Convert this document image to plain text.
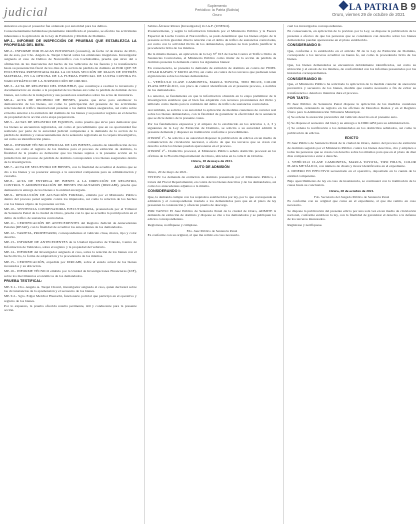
judicial	Suplemento
Periódico: la Patria (Bolivia)
Oruro
LA PATRIA
Oruro, viernes 29 de octubre de 2021
B 9

siniestros en que el poseedor fue ordenado por autoridad para los delitos.

Consecuentemente habiéndose plenamente identificado el presente, se efectúo las actividades inherentes a la aplicación de la Ley de Extinción y Pérdida de Dominio.

MP-1.- INFORME DE INSPECCIÓN DE PRUEBAS QUE ESTABLEZCA LA PROPIEDAD DEL BIEN.

MP-2.- INFORME POR PLACAS POTOSINAS (consulta), de fecha 12 de marzo de 2021, sin de esto, por Cbo. Angelo A. Tarqui Chavel sobre las emisiones irregulares. Investigador asignado al caso de Delitos de Narcotráfico con Cochabamba, prueba que sirve del a afirmación de las mercancías del hecho de los vehículos de las fuerzas y la transferencia hasta su presentación fiscal de los días de la acción de pérdida de dominio en POR QUE SE ENCUENTRA PRESENTADA PARA LA OCTAVA SECCIÓN DE PAGOS DE INTERÉS MATERIAL, EN LA OFICINA DE LA FUERZA ESPECIAL DE LUCHA CONTRA EL NARCOTRÁFICO DE LA JURISDICCIÓN DE ORURO.

MP-3.- ACTA DE REGISTRO DEL INMUEBLE, que constituye a realizar lo inventario y documentación: en cuanto a la propiedad de los bienes así como la pérdida de dominio de los bienes, así como de la indagación y sus posteriores resultados sobre las actas de inventario.

MP-4.- ACTA DE RECIBIDO DE BIENES, prueba que sirve para establecer la demostración de los bienes, así como la participación del presente de las actividades relacionadas al tráfico internacional presente a los demás bienes asegurados, así como sobre el hecho anterior a la extinción del dominio de los bienes y su posterior registro en el derecho de propiedad de la acción en la etapa preparatoria.

MP-5.- ACTAS DE REGISTRO DE EQUIPOS, como prueba que sirve para demostrar que los bienes se encuentran registrados, así como el procedimiento que en su oportunidad fue realizado por parte de la autoridad judicial competente a la demanda de la acción de la pérdida de dominio y consecuentemente de la sentencia registrada en la carpeta investigativa, así como su identificación plena.

MP-6.- INFORME TÉCNICO PERICIAL DE LOS BIENES, estudio de identificación de los bienes, así como el registro de los mismos para el proceso de extinción de dominio, la finalidad de la prueba es demostrar que los bienes sujetos a la presente acción en la jurisdicción del proceso de pérdida de dominio corresponden a los bienes asegurados dentro de la investigación.

MP-7.- ACTA DE SECUESTRO DE BIENES, con la finalidad de acreditar el destino que se dio a los bienes y su posterior entrega a la autoridad competente para su administración y custodia.

MP-8.- ACTA DE ENTREGA DE BIENES A LA DIRECCIÓN DE REGISTRO, CONTROL Y ADMINISTRACIÓN DE BIENES INCAUTADOS (DIRCABI), prueba que demuestra la entrega de los bienes a la entidad encargada.

MP-9.- RESOLUCIÓN DE ACUSACIÓN FORMAL, emitida por el Ministerio Público dentro del proceso penal seguido contra los imputados, así como la relación de los hechos con los bienes objeto de la presente acción.

MP-10.- SENTENCIA CONDENATORIA EJECUTORIADA, pronunciada por el Tribunal de Sentencia Penal de la ciudad de Oruro, prueba con la que se acredita la participación en el delito de tráfico de sustancias controladas.

MP-11.- CERTIFICACIÓN DE ANTECEDENTES del Registro Judicial de Antecedentes Penales (REJAP), con la finalidad de acreditar los antecedentes de los demandados.

MP-12.- TARJETA, PROPIETARIO, correspondientes al vehículo clase, marca, tipo y color descrito.

MP-13.- INFORME DE ANTECEDENTES de la Unidad Operativa de Tránsito, Centro de Información de Vehículos, sobre el registro y la propiedad del vehículo.

MP-14.- INFORME del Investigador asignado al caso, sobre la relación de los bienes con el hecho ilícito, la forma de adquisición y la procedencia de los mismos.

MP-15.- CERTIFICACIÓN, expedida por DIRCABI, sobre el estado actual de los bienes incautados y su ubicación.

MP-16.- INFORME TÉCNICO emitido por la Unidad de Investigaciones Financieras (UIF), sobre los movimientos económicos de los demandados.

PRUEBA TESTIFICAL:

MP-T-1.- Cbo. Angelo A. Tarqui Chavel, investigador asignado al caso, quien declarará sobre las circunstancias de la aprehensión y el secuestro de los bienes.

MP-T-2.- Sgto. Edgar Melchor Huarachi, funcionario policial que participó en el operativo y registro de los bienes.

Por lo expuesto, la prueba ofrecida resulta pertinente, útil y conducente para la presente acción.

Sabino Álvarez Rivera (Investigador) O.J.A.F. (UNEXO).

Posteriormente, y según la información brindada por el Ministerio Público y la Fuerza Especial de Lucha Contra el Narcotráfico, se pudo determinar que los bienes objeto de la presente acción guardan directa relación con el delito de tráfico de sustancias controladas, así como con la actividad ilícita de los demandados, quienes no han podido justificar la procedencia lícita de los mismos.

De la misma manera, en aplicación de la Ley N° 913 de Lucha Contra el Tráfico Ilícito de Sustancias Controladas, el Ministerio Público como titular de la acción de pérdida de dominio presenta la demanda contra los siguientes bienes:

En consecuencia, se presenta la demanda de extinción de dominio en contra de: FIDEL CESAR RAFAEL Y MOTO AUTO, así como en contra de los terceros que pudiesen tener algún interés sobre los bienes demandados.

1.- VEHÍCULO CLASE CAMIONETA, MARCA TOYOTA, TIPO HILUX, COLOR PLATA METÁLICO, con placa de control identificada en el presente proceso, a nombre de los demandados.

Lo anterior, se fundamenta en que la información obtenida en la etapa preliminar de la investigación establece que el bien fue adquirido con recursos provenientes del ilícito y utilizado como medio para la comisión del delito de tráfico de sustancias controladas.

Así también, se solicita a su autoridad la aplicación de medidas cautelares de carácter real sobre los bienes demandados, con la finalidad de garantizar la efectividad de la sentencia que se dicte dentro de la presente causa.

Por los fundamentos expuestos y al amparo de lo establecido en los artículos 1, 2, 3 y siguientes de la Ley de Extinción de Dominio, se solicita a su autoridad admitir la presente demanda y disponer su tramitación conforme a procedimiento.

OTROSÍ 1°.- Se solicita a su autoridad disponer la publicación de edictos en un medio de comunicación de circulación nacional, a efecto de que los terceros que se crean con derecho sobre los bienes puedan apersonarse en el proceso.

OTROSÍ 2°.- Domicilio procesal, el Ministerio Público señala domicilio procesal en las oficinas de la Fiscalía Departamental de Oruro, ubicadas en la calle 6 de Octubre.

Oruro, 18 de mayo de 2021.

AUTO DE ADMISIÓN

Oruro, 20 de mayo de 2021.

VISTOS: La demanda de extinción de dominio presentada por el Ministerio Público, a través del Fiscal Departamental, en contra de los bienes descritos y de los demandados, así como los antecedentes adjuntos a la misma.

CONSIDERANDO I:

Que, la demanda cumple con los requisitos establecidos por ley, por lo que corresponde su admisión y el correspondiente traslado a los demandados para que en el plazo de ley presenten la contestación y ofrezcan prueba de descargo.

POR TANTO: El Juez Público de Sentencia Penal de la ciudad de Oruro, ADMITE la demanda de extinción de dominio y dispone se cite a los demandados y se publiquen los edictos correspondientes.

Regístrese, notifíquese y cúmplase.

Fdo. Juez Público de Sentencia Penal

Es conforme con su original, al que me remito en caso necesario.

cual los investigados correspondientes.

En consecuencia, en aplicación de lo previsto por la Ley, se dispone la publicación de la presente a efectos de que las personas que se consideren con derecho sobre los bienes demandados puedan apersonarse en el plazo establecido.

CONSIDERANDO II:

Que, conforme a lo establecido en el artículo 30 de la Ley de Extinción de Dominio, corresponde a los terceros acreditar su buena fe, así como la procedencia lícita de los bienes.

Que, los bienes demandados se encuentran debidamente identificados, así como su ubicación y el estado de los mismos, de conformidad con los informes presentados por las instancias correspondientes.

CONSIDERANDO III:

Que, el Ministerio Público ha solicitado la aplicación de la medida cautelar de anotación preventiva y secuestro de los bienes, medida que resulta necesaria a fin de evitar su transferencia o deterioro mientras dure el proceso.

POR TANTO:

El Juez Público de Sentencia Penal dispone la aplicación de las medidas cautelares solicitadas, ordenando su registro en las oficinas de Derechos Reales y en el Registro Único para la Administración Tributaria Municipal.

a) Se ordena la anotación preventiva del vehículo descrito en el presente auto.

b) Se dispone el secuestro del bien y su entrega a la DIRCABI para su administración.

c) Se ordena la notificación a los demandados en los domicilios señalados, así como la publicación de edictos.

EDICTO

El Juez Público de Sentencia Penal de la ciudad de Oruro, dentro del proceso de extinción de dominio seguido por el Ministerio Público contra los bienes descritos, cita y emplaza a todas las personas que se crean con derecho sobre los mismos para que en el plazo de diez días comparezcan a estar a derecho.

1. VEHÍCULO CLASE CAMIONETA, MARCA TOYOTA, TIPO HILUX, COLOR PLATA METÁLICO, con número de chasis y motor identificados en el expediente.

2. DINERO EN EFECTIVO secuestrado en el operativo, depositado en la cuenta de la entidad competente.

Bajo apercibimiento de ley en caso de inasistencia, se continuará con la tramitación de la causa hasta su conclusión.

Oruro, 28 de octubre de 2021.

Fdo. Secretario del Juzgado Público de Sentencia Penal

Es conforme con su original que cursa en el expediente, al que me remito en caso necesario.

Se dispone la publicación del presente edicto por una sola vez en un medio de circulación nacional, conforme establece la ley, con la finalidad de garantizar el derecho a la defensa de los terceros interesados.

Regístrese y notifíquese.
